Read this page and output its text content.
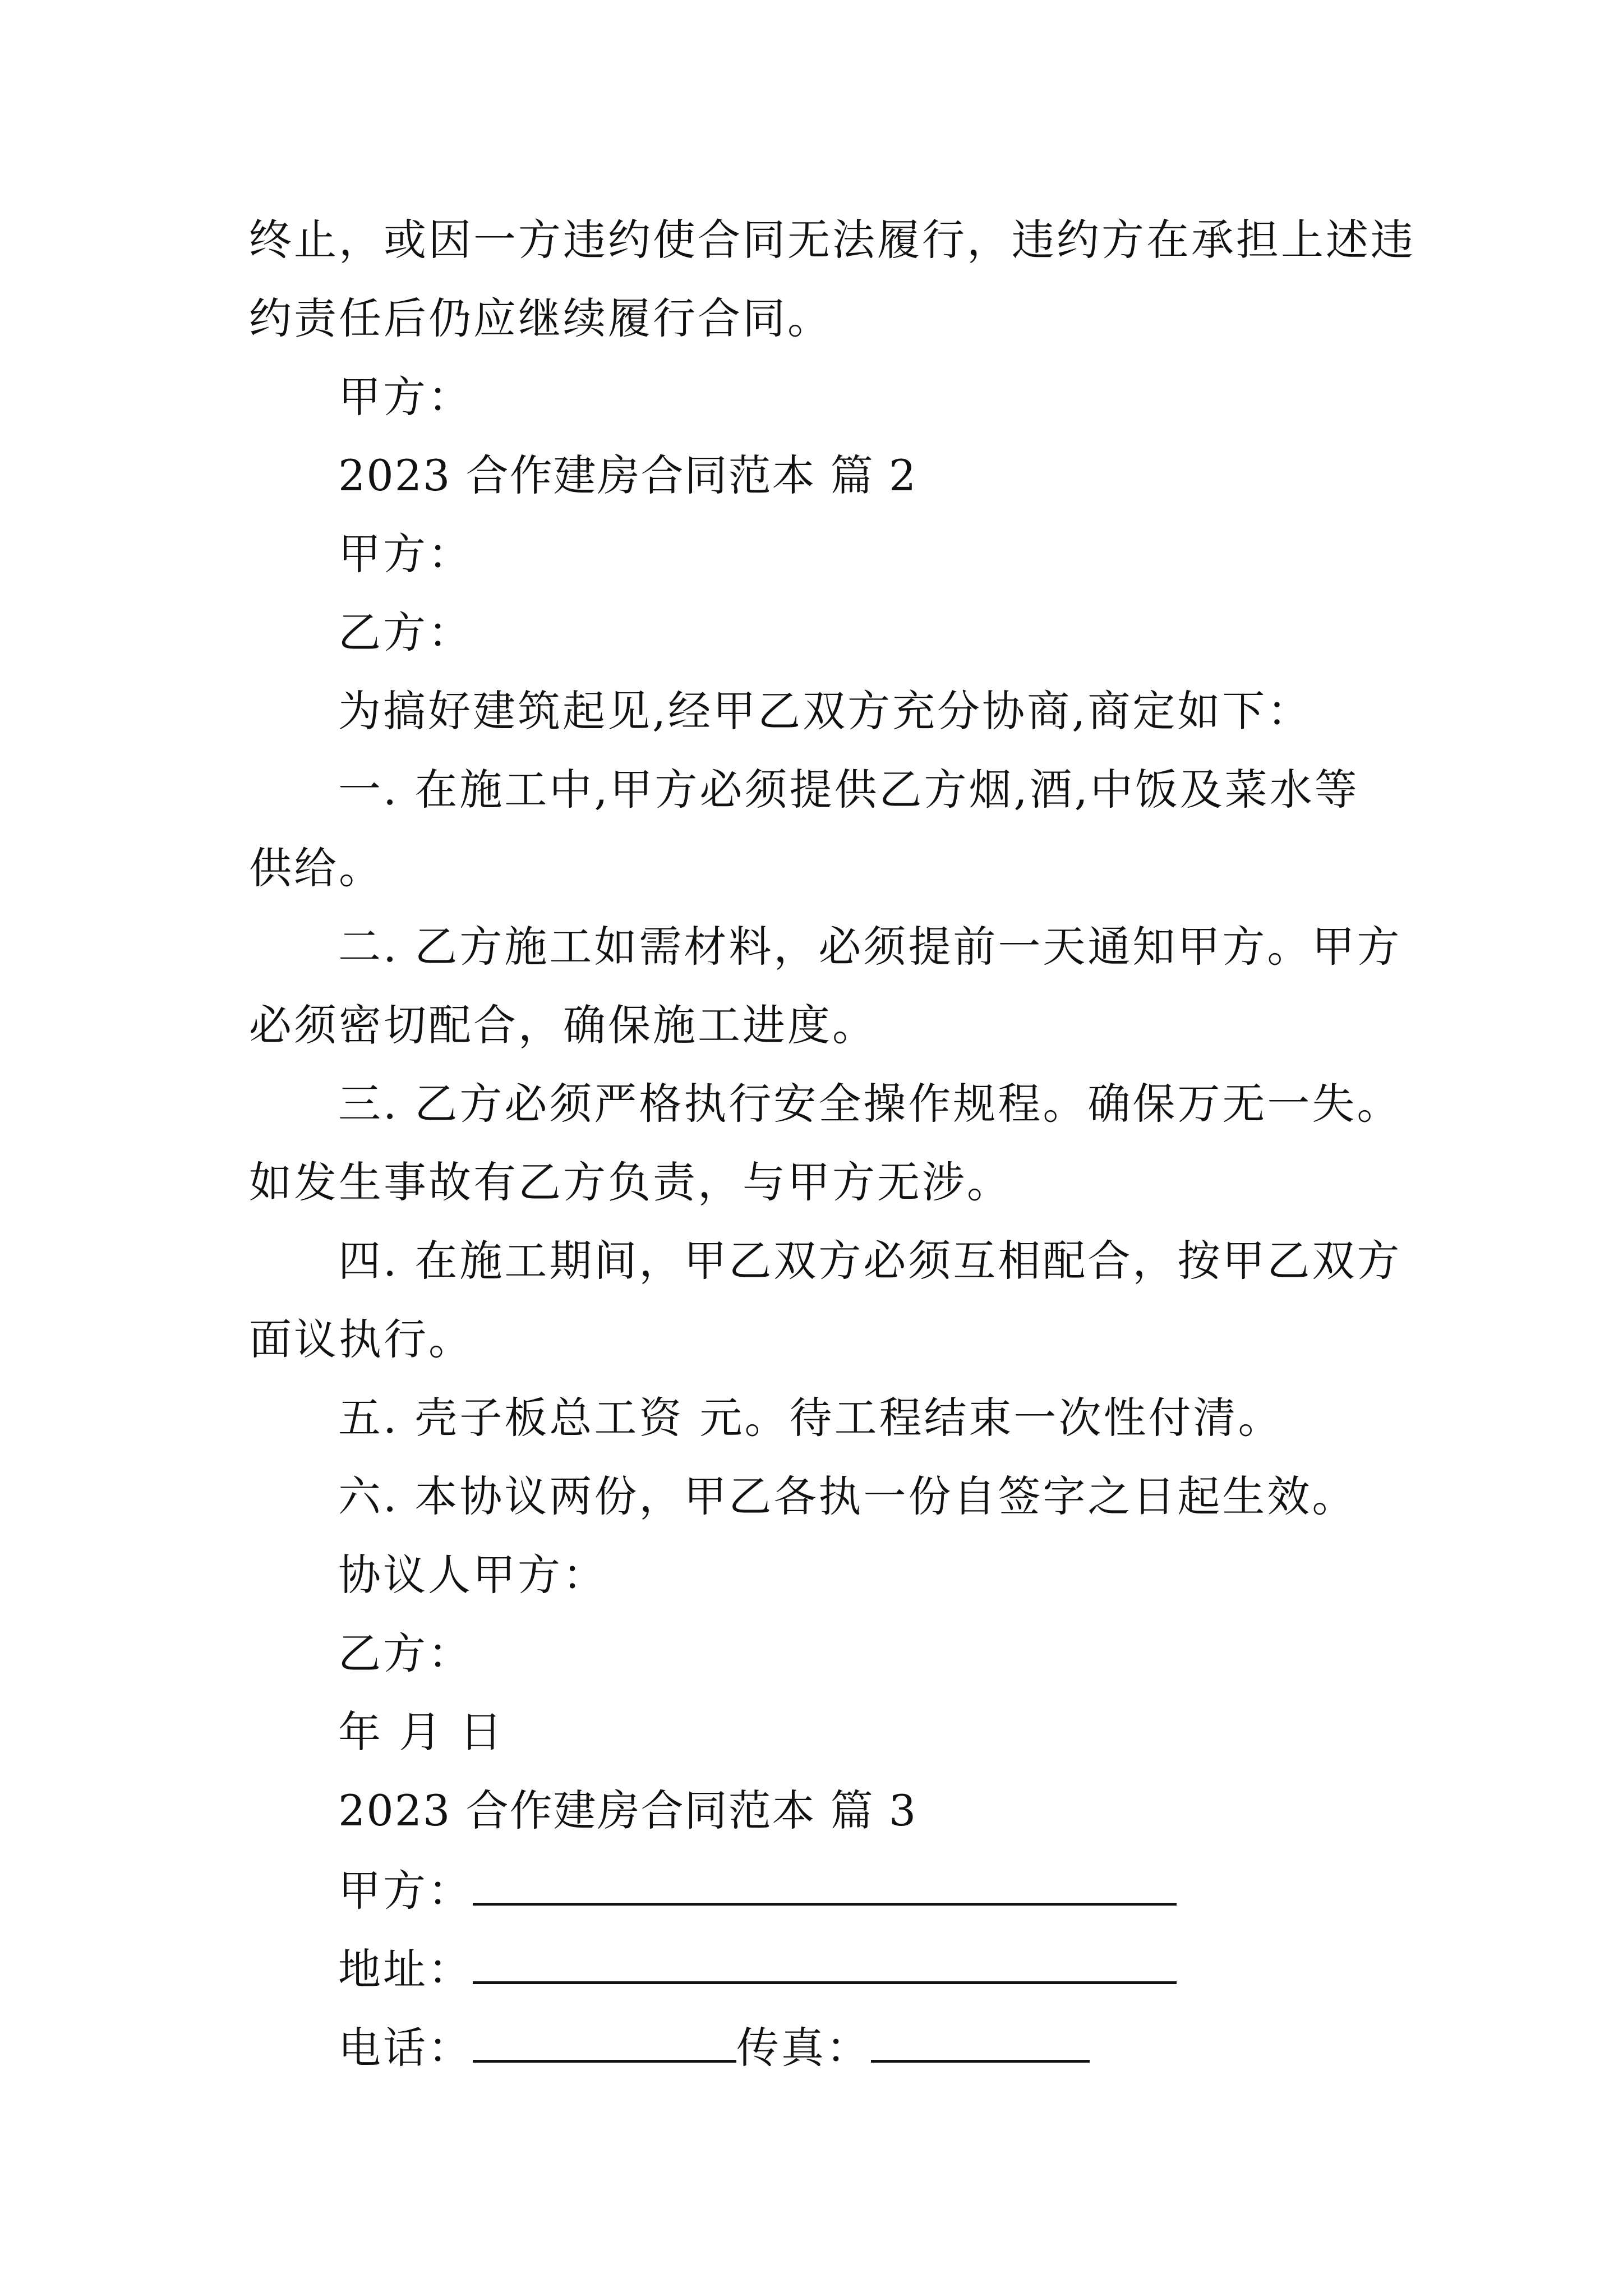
终止，或因一方违约使合同无法履行，违约方在承担上述违
约责任后仍应继续履行合同。
甲方：
2023 合作建房合同范本 篇 2
甲方：
乙方：
为搞好建筑起见,经甲乙双方充分协商,商定如下：
一. 在施工中,甲方必须提供乙方烟,酒,中饭及菜水等
供给。
二. 乙方施工如需材料，必须提前一天通知甲方。甲方
必须密切配合，确保施工进度。
三. 乙方必须严格执行安全操作规程。确保万无一失。
如发生事故有乙方负责，与甲方无涉。
四. 在施工期间，甲乙双方必须互相配合，按甲乙双方
面议执行。
五. 壳子板总工资 元。待工程结束一次性付清。
六. 本协议两份，甲乙各执一份自签字之日起生效。
协议人甲方：
乙方：
年 月 日
2023 合作建房合同范本 篇 3
甲方：
地址：
电话：	传真：
